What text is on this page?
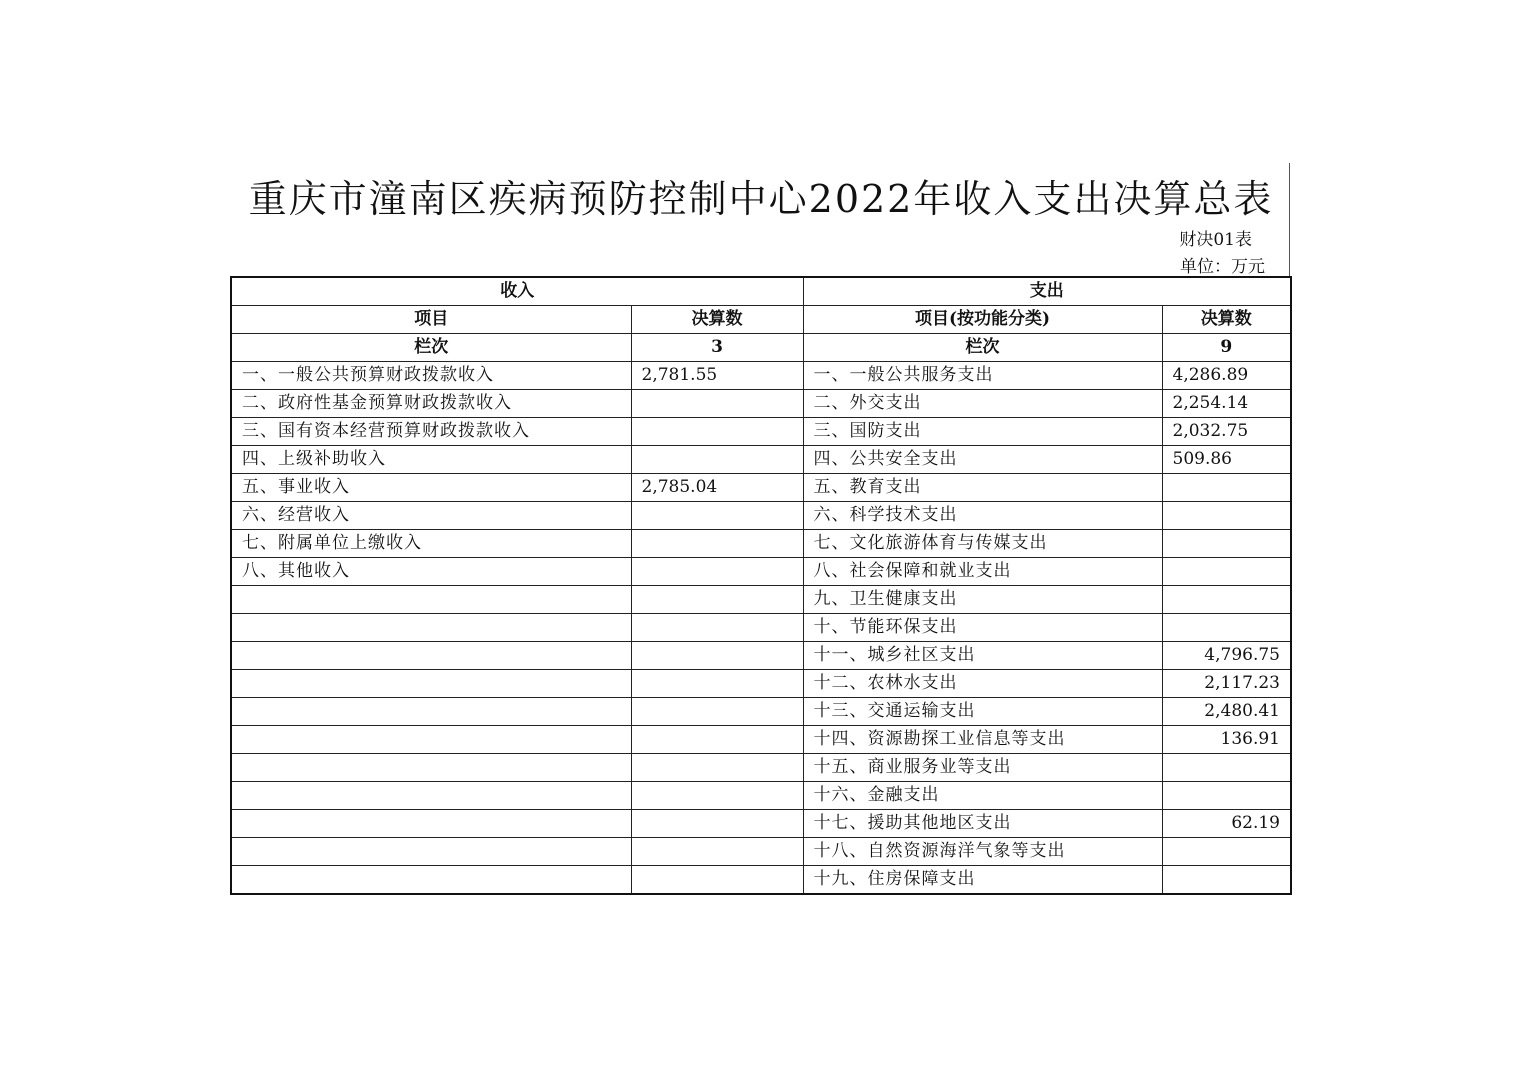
重庆市潼南区疾病预防控制中心2022年收入支出决算总表
财决01表
单位：万元
收入		支出	
项目	决算数	项目(按功能分类)	决算数
栏次	3	栏次	9
一、一般公共预算财政拨款收入	2,781.55	一、一般公共服务支出	4,286.89
二、政府性基金预算财政拨款收入		二、外交支出	2,254.14
三、国有资本经营预算财政拨款收入		三、国防支出	2,032.75
四、上级补助收入		四、公共安全支出	509.86
五、事业收入	2,785.04	五、教育支出	
六、经营收入		六、科学技术支出	
七、附属单位上缴收入		七、文化旅游体育与传媒支出	
八、其他收入		八、社会保障和就业支出	
		九、卫生健康支出	
		十、节能环保支出	
		十一、城乡社区支出	4,796.75
		十二、农林水支出	2,117.23
		十三、交通运输支出	2,480.41
		十四、资源勘探工业信息等支出	136.91
		十五、商业服务业等支出	
		十六、金融支出	
		十七、援助其他地区支出	62.19
		十八、自然资源海洋气象等支出	
		十九、住房保障支出	
